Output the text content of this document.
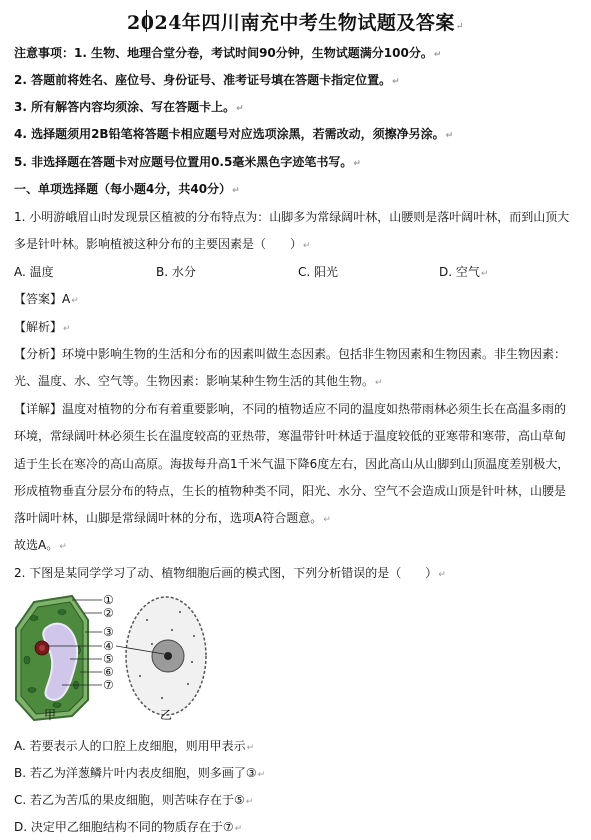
2024年四川南充中考生物试题及答案↵
注意事项：1. 生物、地理合堂分卷，考试时间90分钟，生物试题满分100分。↵
2. 答题前将姓名、座位号、身份证号、准考证号填在答题卡指定位置。↵
3. 所有解答内容均须涂、写在答题卡上。↵
4. 选择题须用2B铅笔将答题卡相应题号对应选项涂黑，若需改动，须擦净另涂。↵
5. 非选择题在答题卡对应题号位置用0.5毫米黑色字迹笔书写。↵
一、单项选择题（每小题4分，共40分）↵
1. 小明游峨眉山时发现景区植被的分布特点为：山脚多为常绿阔叶林，山腰则是落叶阔叶林，而到山顶大
多是针叶林。影响植被这种分布的主要因素是（　　）↵
A. 温度	B. 水分	C. 阳光	D. 空气↵
【答案】A↵
【解析】↵
【分析】环境中影响生物的生活和分布的因素叫做生态因素。包括非生物因素和生物因素。非生物因素：
光、温度、水、空气等。生物因素：影响某种生物生活的其他生物。↵
【详解】温度对植物的分布有着重要影响，不同的植物适应不同的温度如热带雨林必须生长在高温多雨的
环境，常绿阔叶林必须生长在温度较高的亚热带，寒温带针叶林适于温度较低的亚寒带和寒带，高山草甸
适于生长在寒冷的高山高原。海拔每升高1千米气温下降6度左右，因此高山从山脚到山顶温度差别极大，
形成植物垂直分层分布的特点，生长的植物种类不同，阳光、水分、空气不会造成山顶是针叶林，山腰是
落叶阔叶林，山脚是常绿阔叶林的分布，选项A符合题意。↵
故选A。↵
2. 下图是某同学学习了动、植物细胞后画的模式图，下列分析错误的是（　　）↵
①
②
③
④
⑤
⑥
⑦
甲	乙
A. 若要表示人的口腔上皮细胞，则用甲表示↵
B. 若乙为洋葱鳞片叶内表皮细胞，则多画了③↵
C. 若乙为苦瓜的果皮细胞，则苦味存在于⑤↵
D. 决定甲乙细胞结构不同的物质存在于⑦↵
